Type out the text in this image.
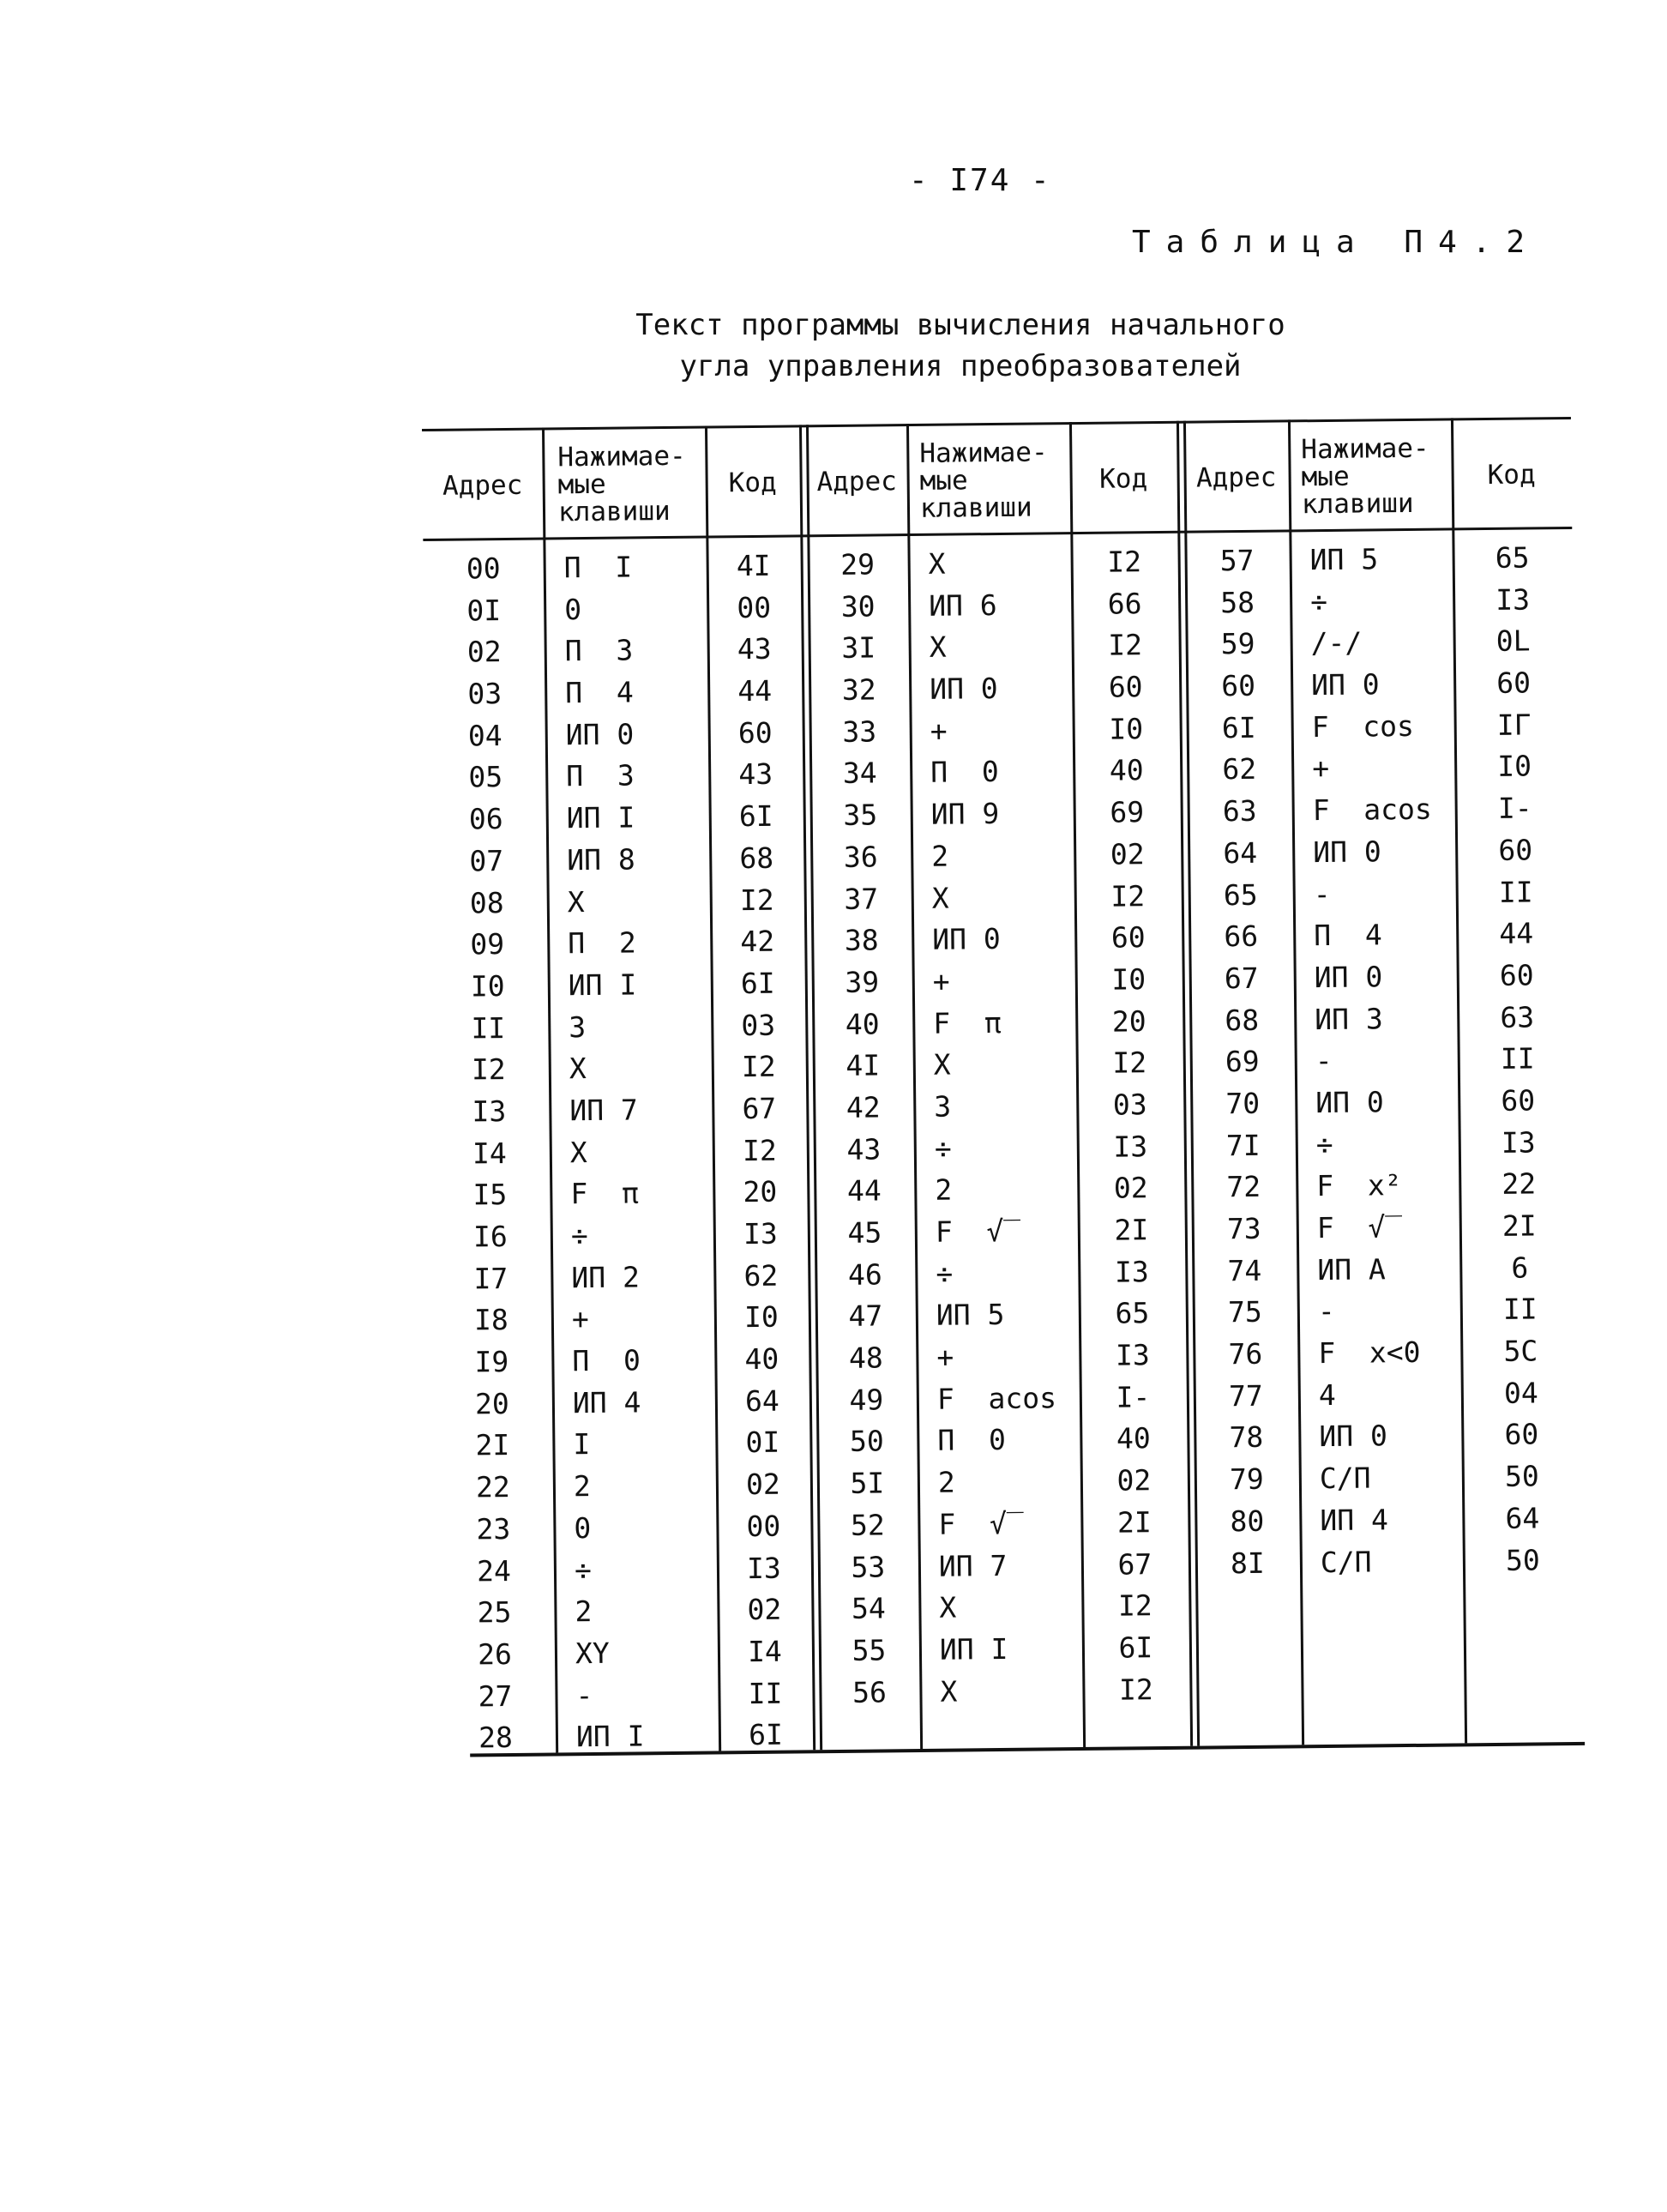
- I74 -
Таблица П4.2
Текст программы вычисления начального
угла управления преобразователей
Адрес
Нажимае-
мые
клавиши
Код	Адрес
Нажимае-
мые
клавиши
Код	Адрес
Нажимае-
мые
клавиши
Код
00
0I
02
03
04
05
06
07
08
09
I0
II
I2
I3
I4
I5
I6
I7
I8
I9
20
2I
22
23
24
25
26
27
28
П  I
0
П  3
П  4
ИП 0
П  3
ИП I
ИП 8
X
П  2
ИП I
3
X
ИП 7
X
F  π
÷
ИП 2
+
П  0
ИП 4
I
2
0
÷
2
XY
-
ИП I
4I
00
43
44
60
43
6I
68
I2
42
6I
03
I2
67
I2
20
I3
62
I0
40
64
0I
02
00
I3
02
I4
II
6I
29
30
3I
32
33
34
35
36
37
38
39
40
4I
42
43
44
45
46
47
48
49
50
5I
52
53
54
55
56
X
ИП 6
X
ИП 0
+
П  0
ИП 9
2
X
ИП 0
+
F  π
X
3
÷
2
F  √‾
÷
ИП 5
+
F  acos
П  0
2
F  √‾
ИП 7
X
ИП I
X
I2
66
I2
60
I0
40
69
02
I2
60
I0
20
I2
03
I3
02
2I
I3
65
I3
I-
40
02
2I
67
I2
6I
I2
57
58
59
60
6I
62
63
64
65
66
67
68
69
70
7I
72
73
74
75
76
77
78
79
80
8I
ИП 5
÷
/-/
ИП 0
F  cos
+
F  acos
ИП 0
-
П  4
ИП 0
ИП 3
-
ИП 0
÷
F  x²
F  √‾
ИП A
-
F  x<0
4
ИП 0
С/П
ИП 4
С/П
65
I3
0L
60
IГ
I0
I-
60
II
44
60
63
II
60
I3
22
2I
6
II
5C
04
60
50
64
50
